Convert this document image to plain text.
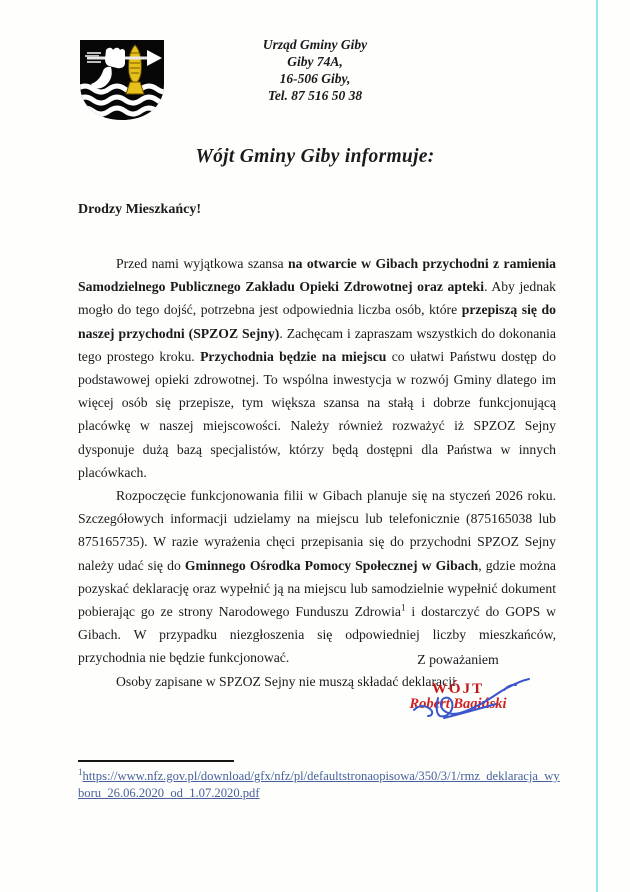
Urząd Gminy Giby
Giby 74A,
16-506 Giby,
Tel. 87 516 50 38
Wójt Gminy Giby informuje:
Drodzy Mieszkańcy!

Przed nami wyjątkowa szansa na otwarcie w Gibach przychodni z ramienia Samodzielnego Publicznego Zakładu Opieki Zdrowotnej oraz apteki. Aby jednak mogło do tego dojść, potrzebna jest odpowiednia liczba osób, które przepiszą się do naszej przychodni (SPZOZ Sejny). Zachęcam i zapraszam wszystkich do dokonania tego prostego kroku. Przychodnia będzie na miejscu co ułatwi Państwu dostęp do podstawowej opieki zdrowotnej. To wspólna inwestycja w rozwój Gminy dlatego im więcej osób się przepisze, tym większa szansa na stałą i dobrze funkcjonującą placówkę w naszej miejscowości. Należy również rozważyć iż SPZOZ Sejny dysponuje dużą bazą specjalistów, którzy będą dostępni dla Państwa w innych placówkach.

Rozpoczęcie funkcjonowania filii w Gibach planuje się na styczeń 2026 roku. Szczegółowych informacji udzielamy na miejscu lub telefonicznie (875165038 lub 875165735). W razie wyrażenia chęci przepisania się do przychodni SPZOZ Sejny należy udać się do Gminnego Ośrodka Pomocy Społecznej w Gibach, gdzie można pozyskać deklarację oraz wypełnić ją na miejscu lub samodzielnie wypełnić dokument pobierając go ze strony Narodowego Funduszu Zdrowia$^1$ i dostarczyć do GOPS w Gibach. W przypadku niezgłoszenia się odpowiedniej liczby mieszkańców, przychodnia nie będzie funkcjonować.

Osoby zapisane w SPZOZ Sejny nie muszą składać deklaracji.

Z poważaniem
WÓJT
Robert Bagiński
$^1$https://www.nfz.gov.pl/download/gfx/nfz/pl/defaultstronaopisowa/350/3/1/rmz_deklaracja_wyboru_26.06.2020_od_1.07.2020.pdf
